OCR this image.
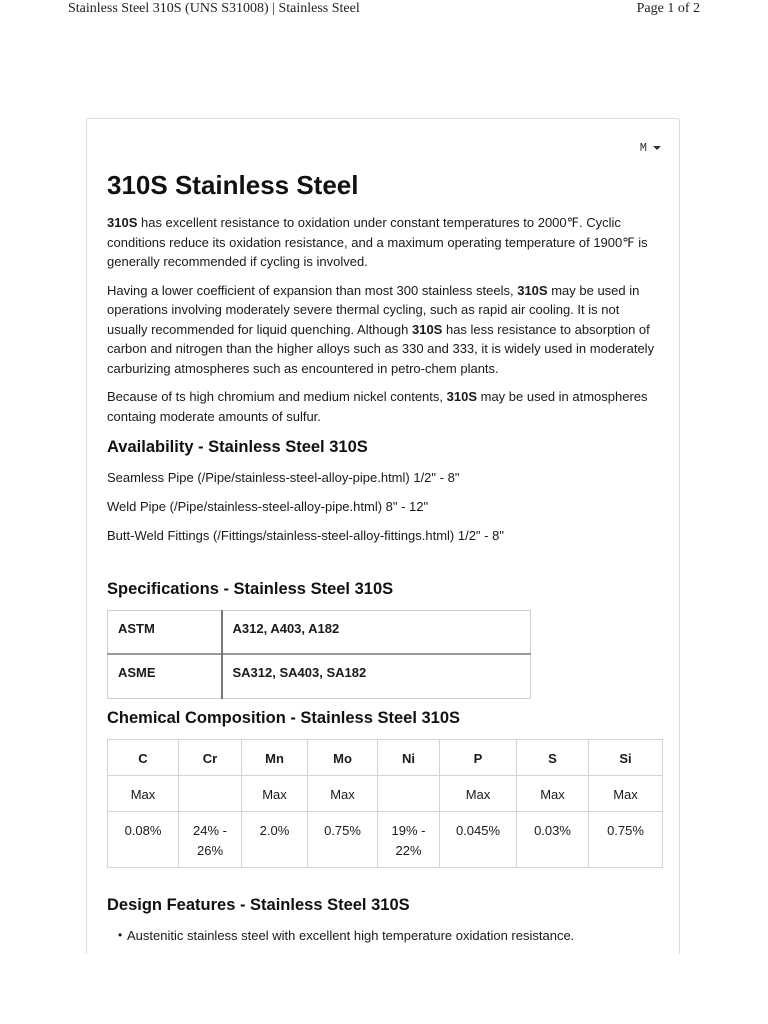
Stainless Steel 310S (UNS S31008) | Stainless Steel	Page 1 of 2
M
310S Stainless Steel

310S has excellent resistance to oxidation under constant temperatures to 2000℉. Cyclic conditions reduce its oxidation resistance, and a maximum operating temperature of 1900℉ is generally recommended if cycling is involved.

Having a lower coefficient of expansion than most 300 stainless steels, 310S may be used in operations involving moderately severe thermal cycling, such as rapid air cooling. It is not usually recommended for liquid quenching. Although 310S has less resistance to absorption of carbon and nitrogen than the higher alloys such as 330 and 333, it is widely used in moderately carburizing atmospheres such as encountered in petro-chem plants.

Because of ts high chromium and medium nickel contents, 310S may be used in atmospheres containg moderate amounts of sulfur.

Availability - Stainless Steel 310S

Seamless Pipe (/Pipe/stainless-steel-alloy-pipe.html) 1/2" - 8"

Weld Pipe (/Pipe/stainless-steel-alloy-pipe.html) 8" - 12"

Butt-Weld Fittings (/Fittings/stainless-steel-alloy-fittings.html) 1/2" - 8"

Specifications - Stainless Steel 310S
ASTM	A312, A403, A182
ASME	SA312, SA403, SA182
Chemical Composition - Stainless Steel 310S
C	Cr	Mn	Mo	Ni	P	S	Si
Max		Max	Max		Max	Max	Max
0.08%	24% - 26%	2.0%	0.75%	19% - 22%	0.045%	0.03%	0.75%
Design Features - Stainless Steel 310S
• Austenitic stainless steel with excellent high temperature oxidation resistance.
